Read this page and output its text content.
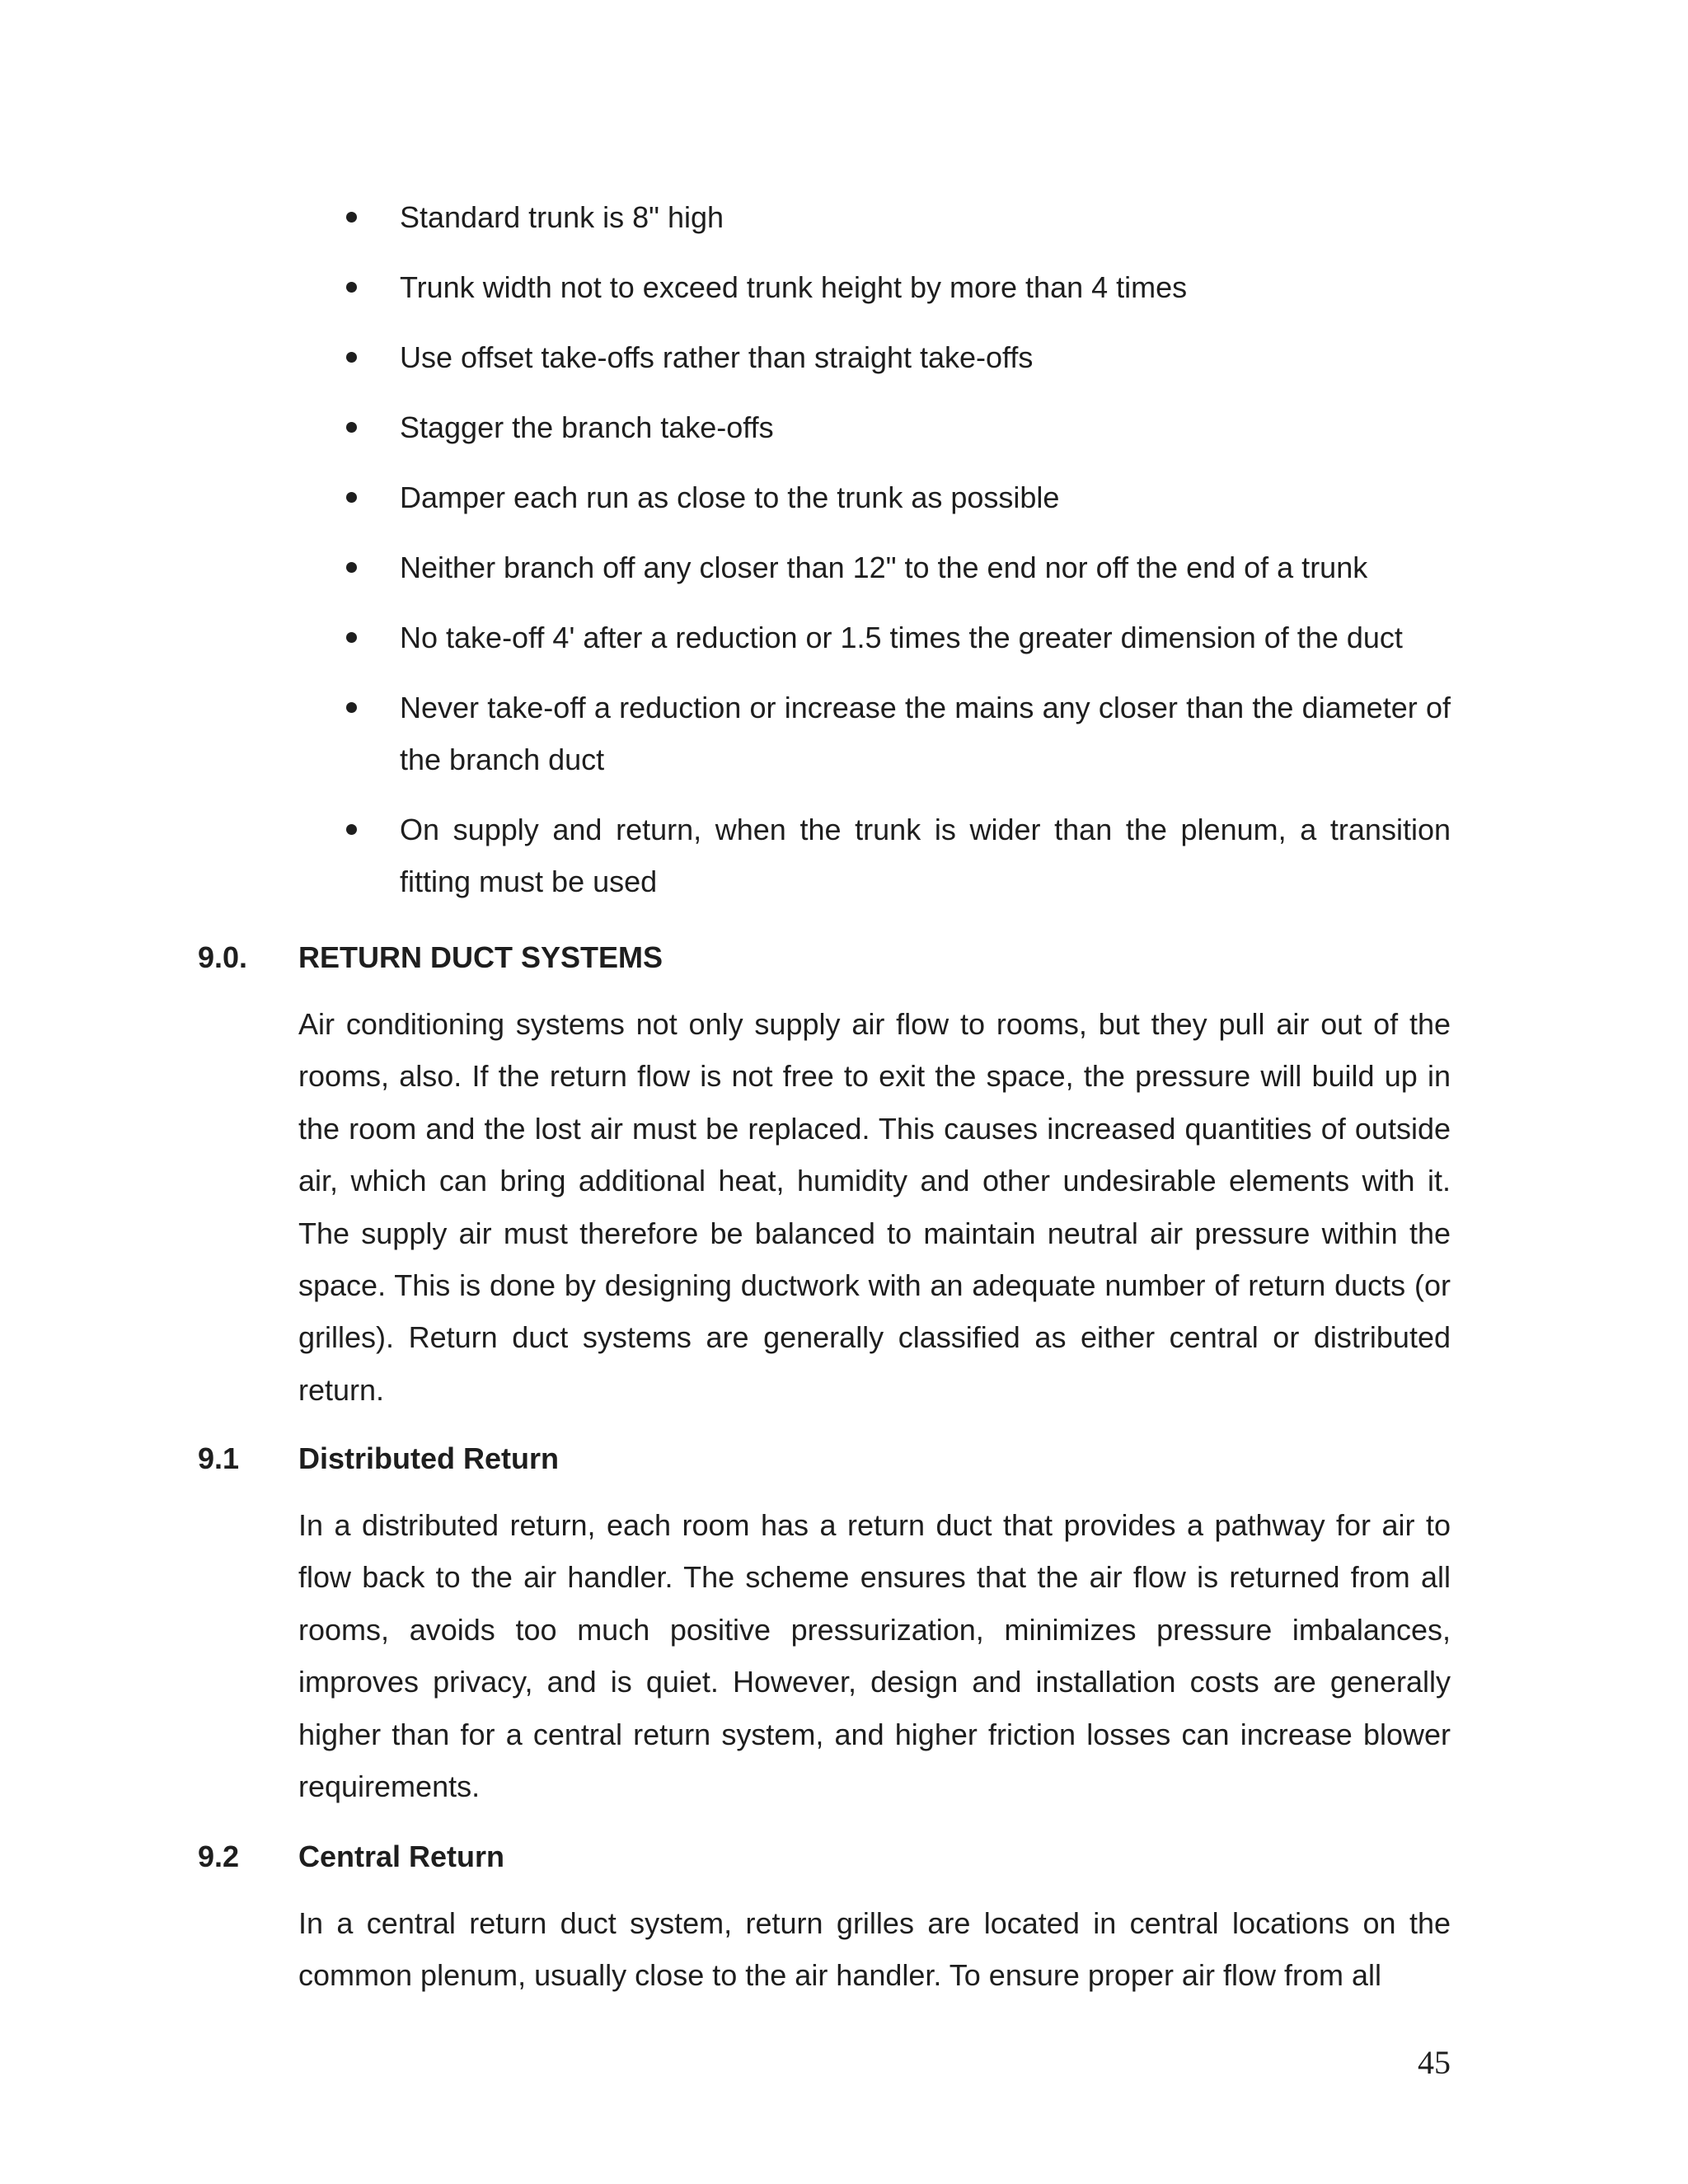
Standard trunk is 8" high
Trunk width not to exceed trunk height by more than 4 times
Use offset take-offs rather than straight take-offs
Stagger the branch take-offs
Damper each run as close to the trunk as possible
Neither branch off any closer than 12" to the end nor off the end of a trunk
No take-off 4' after a reduction or 1.5 times the greater dimension of the duct
Never take-off a reduction or increase the mains any closer than the diameter of the branch duct
On supply and return, when the trunk is wider than the plenum, a transition fitting must be used
9.0. RETURN DUCT SYSTEMS

Air conditioning systems not only supply air flow to rooms, but they pull air out of the rooms, also. If the return flow is not free to exit the space, the pressure will build up in the room and the lost air must be replaced. This causes increased quantities of outside air, which can bring additional heat, humidity and other undesirable elements with it. The supply air must therefore be balanced to maintain neutral air pressure within the space. This is done by designing ductwork with an adequate number of return ducts (or grilles). Return duct systems are generally classified as either central or distributed return.

9.1 Distributed Return

In a distributed return, each room has a return duct that provides a pathway for air to flow back to the air handler. The scheme ensures that the air flow is returned from all rooms, avoids too much positive pressurization, minimizes pressure imbalances, improves privacy, and is quiet. However, design and installation costs are generally higher than for a central return system, and higher friction losses can increase blower requirements.

9.2 Central Return

In a central return duct system, return grilles are located in central locations on the common plenum, usually close to the air handler. To ensure proper air flow from all

45
